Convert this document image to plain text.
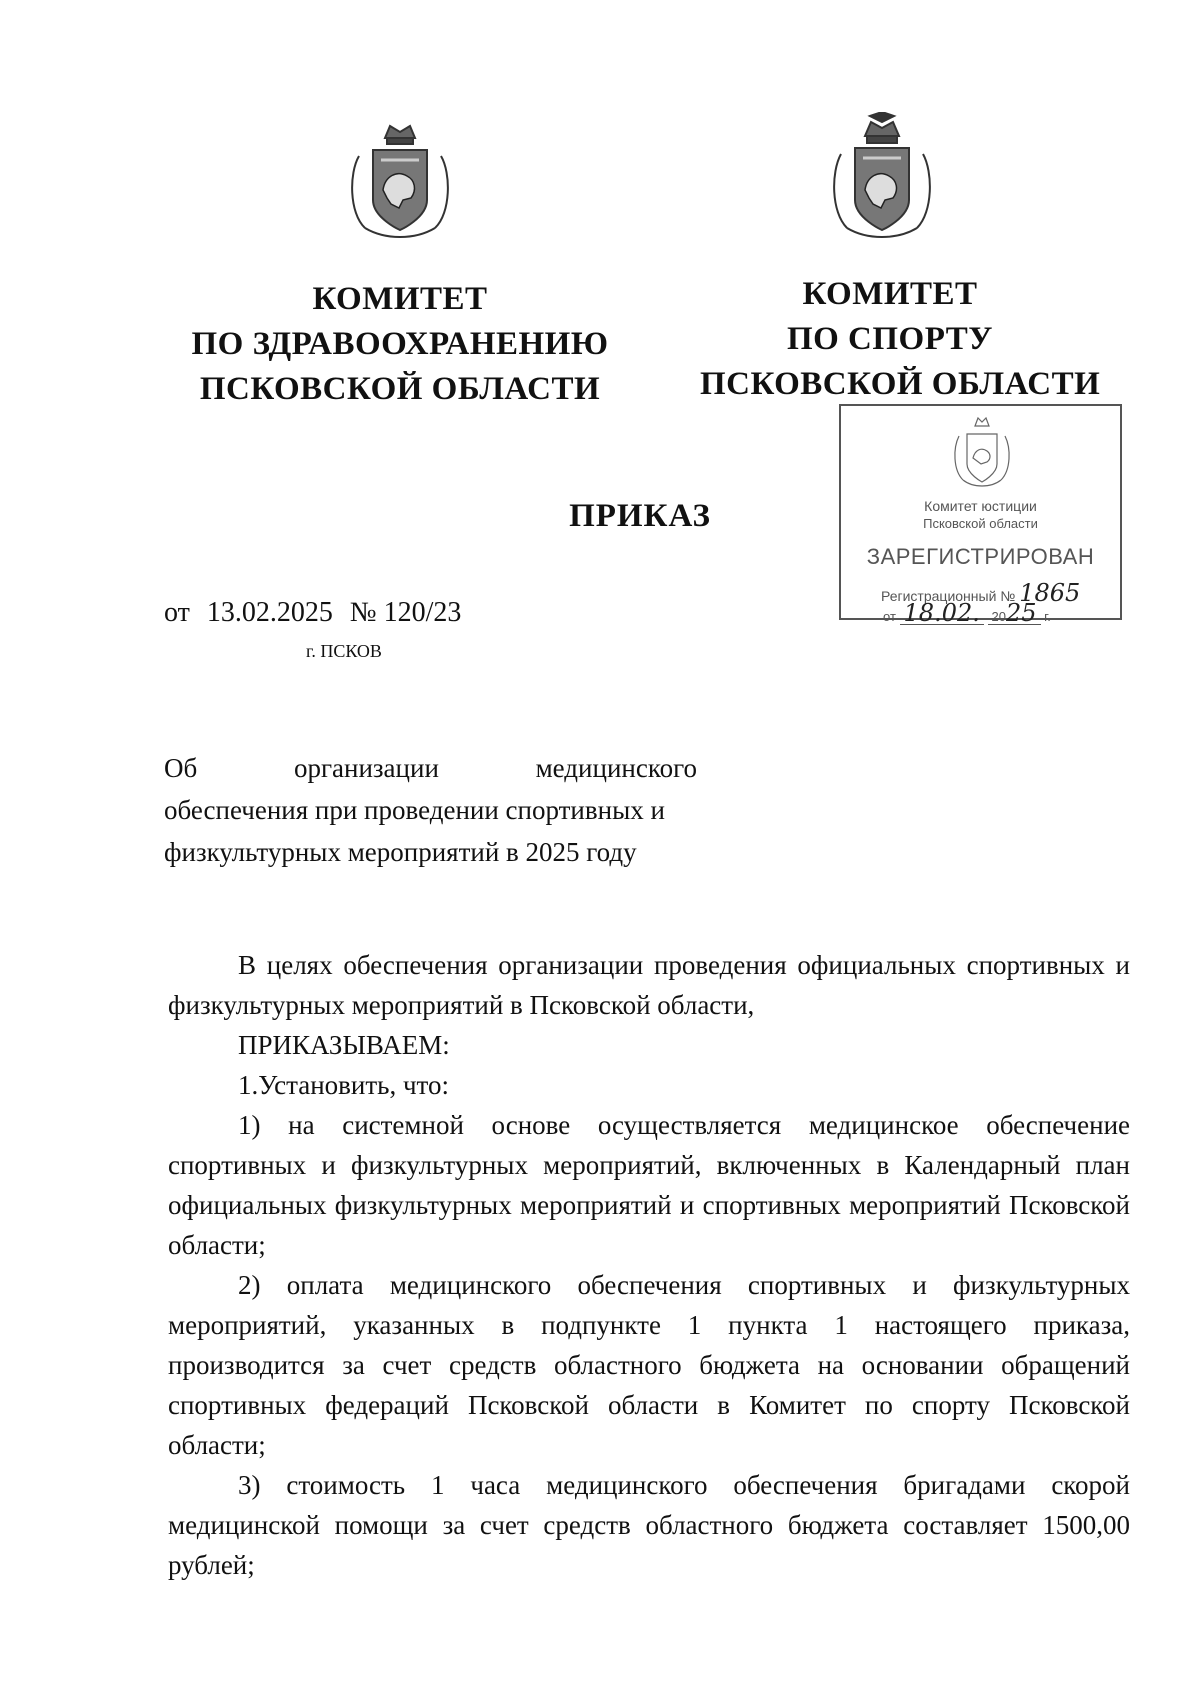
КОМИТЕТ
ПО ЗДРАВООХРАНЕНИЮ
ПСКОВСКОЙ ОБЛАСТИ
КОМИТЕТ
ПО СПОРТУ
ПСКОВСКОЙ ОБЛАСТИ
Комитет юстиции
Псковской области
ЗАРЕГИСТРИРОВАН
Регистрационный № 1865
от 18.02. 2025 г.
ПРИКАЗ
от 13.02.2025 № 120/23
г. ПСКОВ
Об	организации	медицинского
обеспечения при проведении спортивных и физкультурных мероприятий в 2025 году

В целях обеспечения организации проведения официальных спортивных и физкультурных мероприятий в Псковской области,

ПРИКАЗЫВАЕМ:

1.Установить, что:

1) на системной основе осуществляется медицинское обеспечение спортивных и физкультурных мероприятий, включенных в Календарный план официальных физкультурных мероприятий и спортивных мероприятий Псковской области;

2) оплата медицинского обеспечения спортивных и физкультурных мероприятий, указанных в подпункте 1 пункта 1 настоящего приказа, производится за счет средств областного бюджета на основании обращений спортивных федераций Псковской области в Комитет по спорту Псковской области;

3) стоимость 1 часа медицинского обеспечения бригадами скорой медицинской помощи за счет средств областного бюджета составляет 1500,00 рублей;
